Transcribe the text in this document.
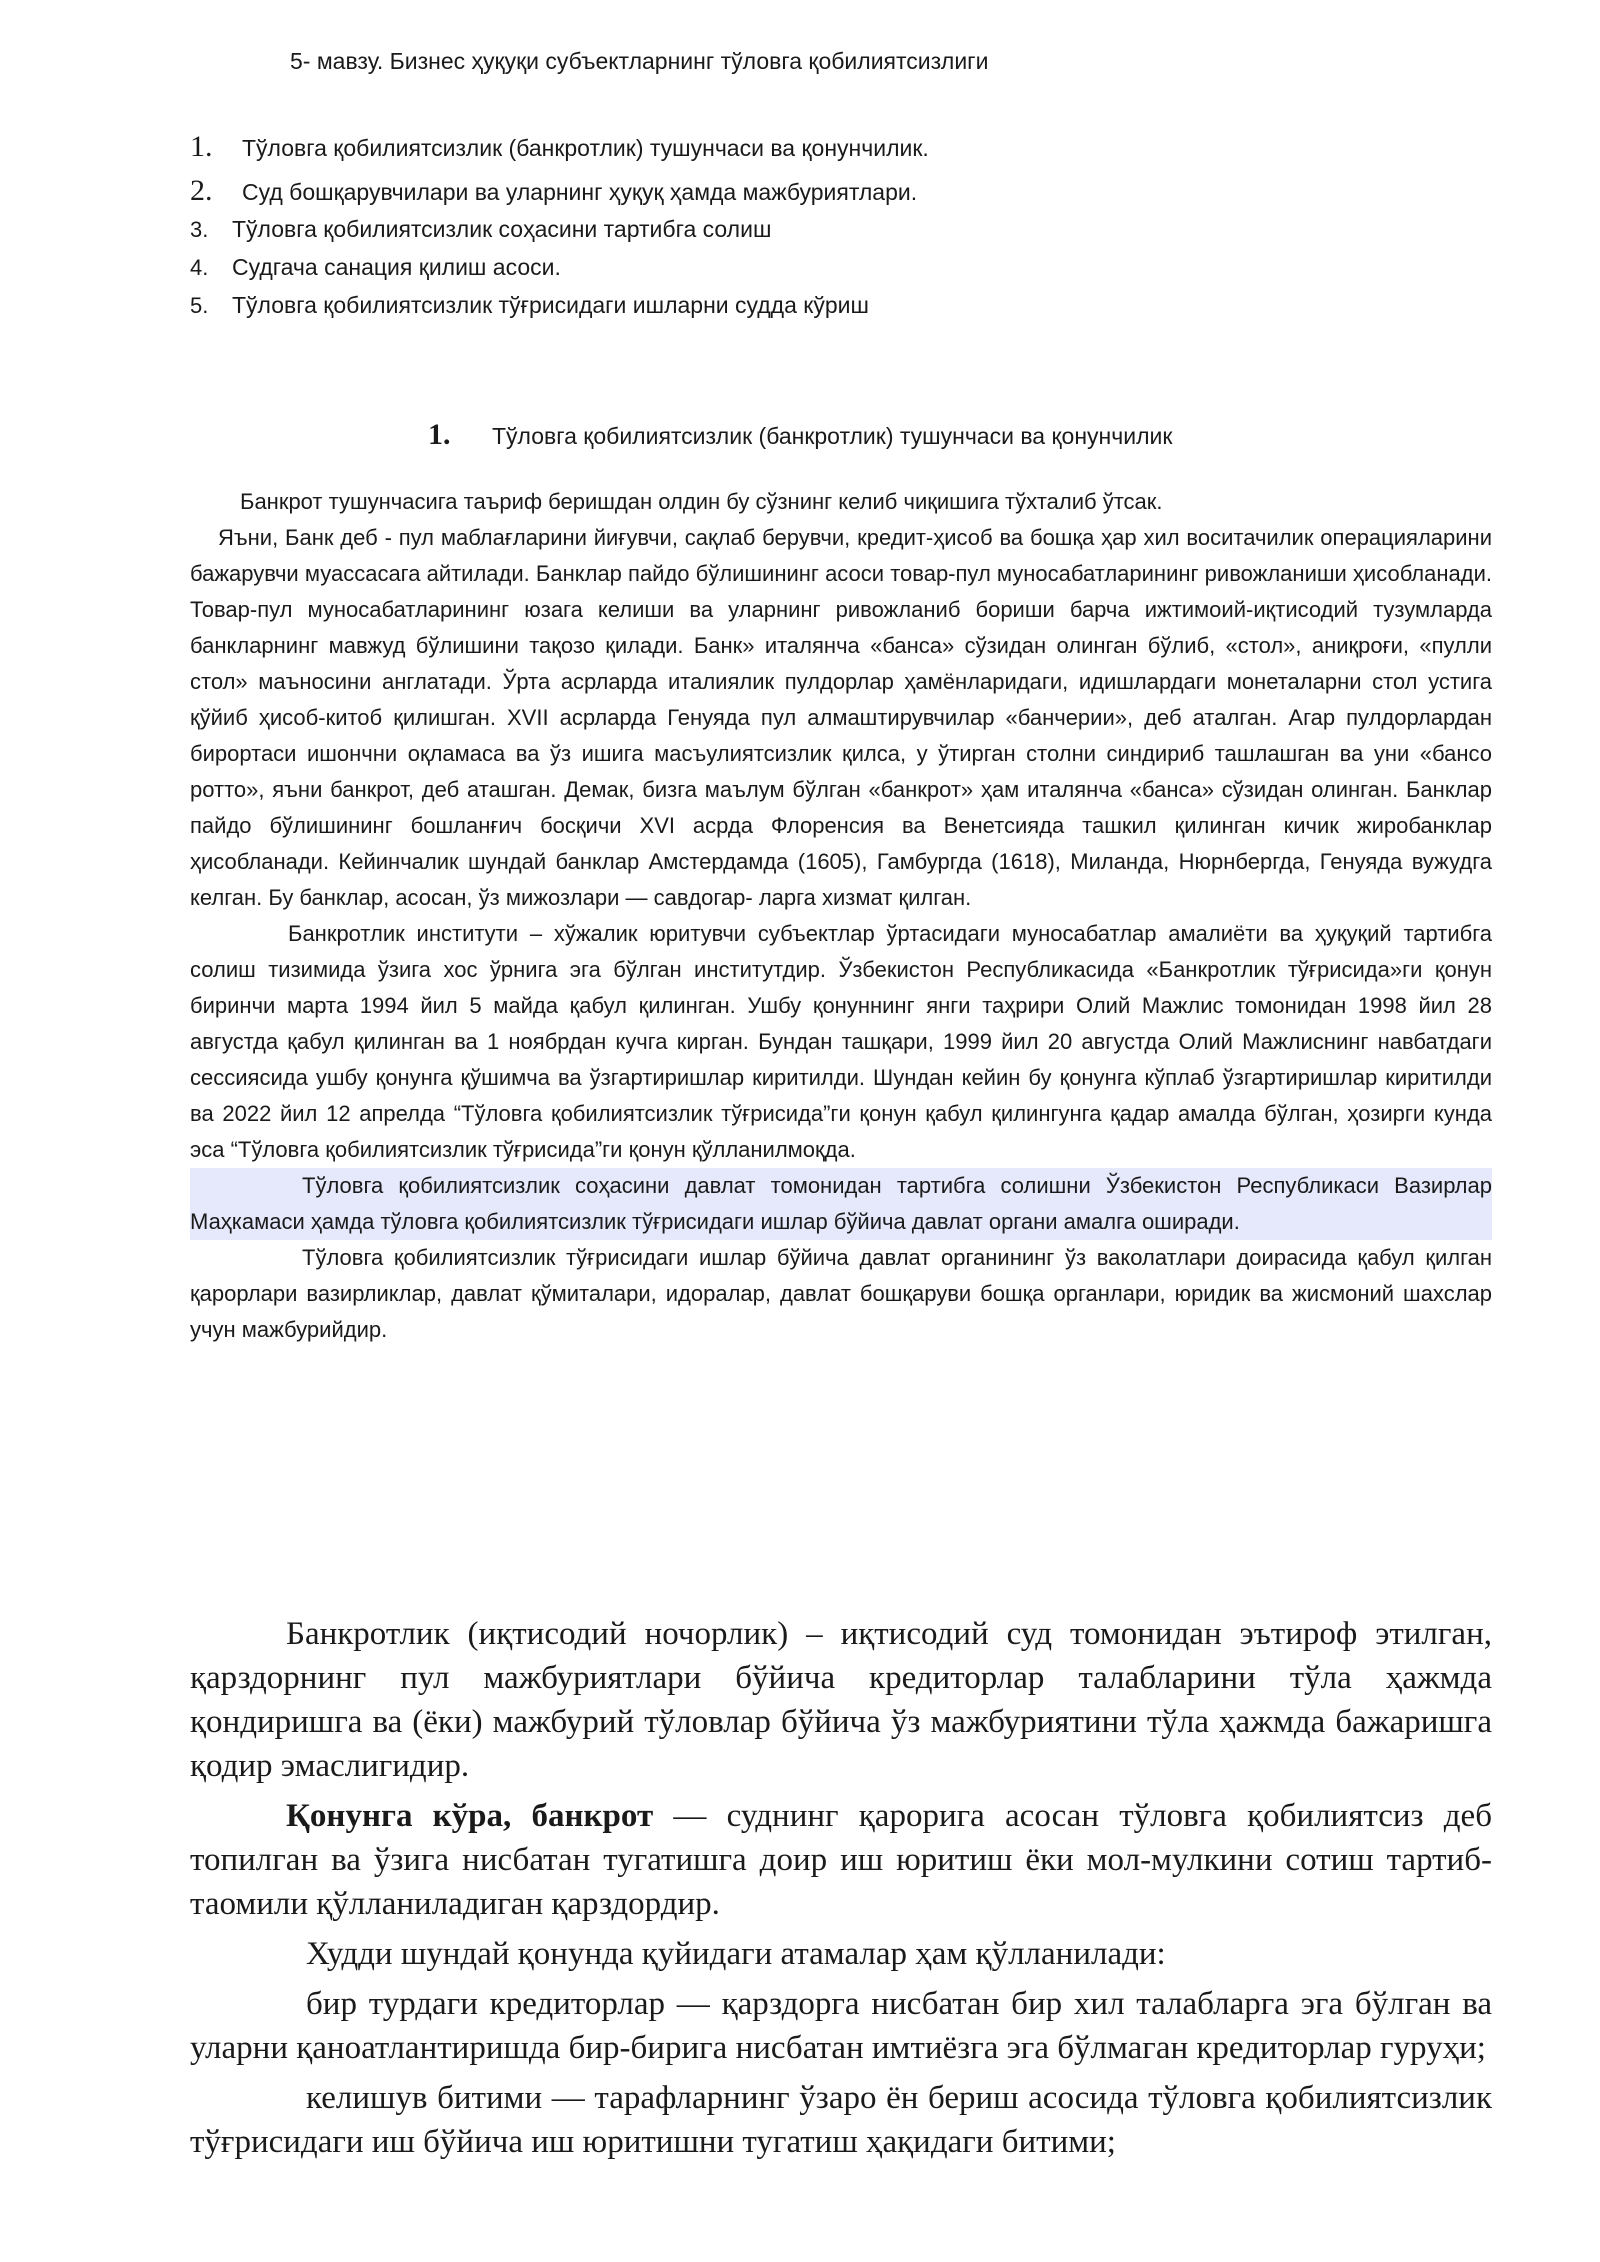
5- мавзу. Бизнес ҳуқуқи субъектларнинг тўловга қобилиятсизлиги
1.	Тўловга қобилиятсизлик (банкротлик) тушунчаси ва қонунчилик.
2.	Суд бошқарувчилари ва уларнинг ҳуқуқ ҳамда мажбуриятлари.
3.	Тўловга қобилиятсизлик соҳасини тартибга солиш
4.	Судгача санация қилиш асоси.
5.	Тўловга қобилиятсизлик тўғрисидаги ишларни судда кўриш
1.	Тўловга қобилиятсизлик (банкротлик) тушунчаси ва қонунчилик

Банкрот тушунчасига таъриф беришдан олдин бу сўзнинг келиб чиқишига тўхталиб ўтсак.

Яъни, Банк деб - пул маблағларини йиғувчи, сақлаб берувчи, кредит-ҳисоб ва бошқа ҳар хил воситачилик операцияларини бажарувчи муассасага айтилади. Банклар пайдо бўлишининг асоси товар-пул муносабатларининг ривожланиши ҳисобланади. Товар-пул муносабатларининг юзага келиши ва уларнинг ривожланиб бориши барча ижтимоий-иқтисодий тузумларда банкларнинг мавжуд бўлишини тақозо қилади. Банк» италянча «банса» сўзидан олинган бўлиб, «стол», аниқроғи, «пулли стол» маъносини англатади. Ўрта асрларда италиялик пулдорлар ҳамёнларидаги, идишлардаги монеталарни стол устига қўйиб ҳисоб-китоб қилишган. XVII асрларда Генуяда пул алмаштирувчилар «банчерии», деб аталган. Агар пулдорлардан бирортаси ишончни оқламаса ва ўз ишига масъулиятсизлик қилса, у ўтирган столни синдириб ташлашган ва уни «бансо ротто», яъни банкрот, деб аташган. Демак, бизга маълум бўлган «банкрот» ҳам италянча «банса» сўзидан олинган. Банклар пайдо бўлишининг бошланғич босқичи XVI асрда Флоренсия ва Венетсияда ташкил қилинган кичик жиробанклар ҳисобланади. Кейинчалик шундай банклар Амстердамда (1605), Гамбургда (1618), Миланда, Нюрнбергда, Генуяда вужудга келган. Бу банклар, асосан, ўз мижозлари — савдогар- ларга хизмат қилган.

Банкротлик институти – хўжалик юритувчи субъектлар ўртасидаги муносабатлар амалиёти ва ҳуқуқий тартибга солиш тизимида ўзига хос ўрнига эга бўлган институтдир. Ўзбекистон Республикасида «Банкротлик тўғрисида»ги қонун биринчи марта 1994 йил 5 майда қабул қилинган. Ушбу қонуннинг янги таҳрири Олий Мажлис томонидан 1998 йил 28 августда қабул қилинган ва 1 ноябрдан кучга кирган. Бундан ташқари, 1999 йил 20 августда Олий Мажлиснинг навбатдаги сессиясида ушбу қонунга қўшимча ва ўзгартиришлар киритилди. Шундан кейин бу қонунга кўплаб ўзгартиришлар киритилди ва 2022 йил 12 апрелда “Тўловга қобилиятсизлик тўғрисида”ги қонун қабул қилингунга қадар амалда бўлган, ҳозирги кунда эса “Тўловга қобилиятсизлик тўғрисида”ги қонун қўлланилмоқда.

Тўловга қобилиятсизлик соҳасини давлат томонидан тартибга солишни Ўзбекистон Республикаси Вазирлар Маҳкамаси ҳамда тўловга қобилиятсизлик тўғрисидаги ишлар бўйича давлат органи амалга оширади.

Тўловга қобилиятсизлик тўғрисидаги ишлар бўйича давлат органининг ўз ваколатлари доирасида қабул қилган қарорлари вазирликлар, давлат қўмиталари, идоралар, давлат бошқаруви бошқа органлари, юридик ва жисмоний шахслар учун мажбурийдир.

Банкротлик (иқтисодий ночорлик) – иқтисодий суд томонидан эътироф этилган, қарздорнинг пул мажбуриятлари бўйича кредиторлар талабларини тўла ҳажмда қондиришга ва (ёки) мажбурий тўловлар бўйича ўз мажбуриятини тўла ҳажмда бажаришга қодир эмаслигидир.

Қонунга кўра, банкрот — суднинг қарорига асосан тўловга қобилиятсиз деб топилган ва ўзига нисбатан тугатишга доир иш юритиш ёки мол-мулкини сотиш тартиб-таомили қўлланиладиган қарздордир.

Худди шундай қонунда қуйидаги атамалар ҳам қўлланилади:

бир турдаги кредиторлар — қарздорга нисбатан бир хил талабларга эга бўлган ва уларни қаноатлантиришда бир-бирига нисбатан имтиёзга эга бўлмаган кредиторлар гуруҳи;

келишув битими — тарафларнинг ўзаро ён бериш асосида тўловга қобилиятсизлик тўғрисидаги иш бўйича иш юритишни тугатиш ҳақидаги битими;
